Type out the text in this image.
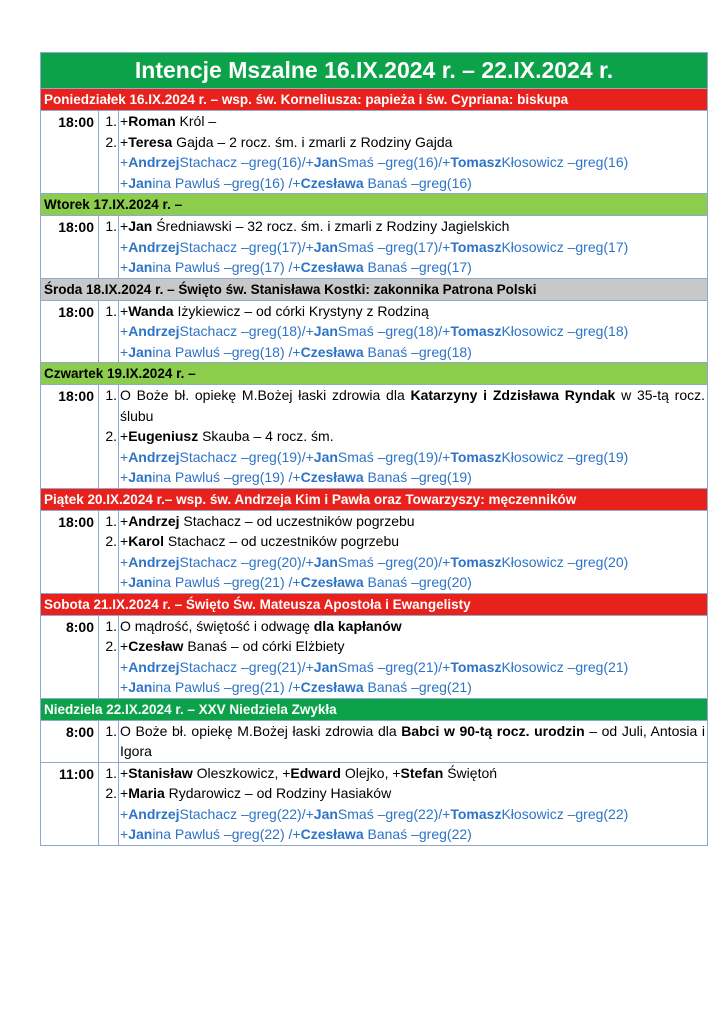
Intencje Mszalne 16.IX.2024 r. – 22.IX.2024 r.
Poniedziałek 16.IX.2024 r. – wsp. św. Korneliusza: papieża i św. Cypriana: biskupa
18:00 1. +Roman Król –
2. +Teresa Gajda – 2 rocz. śm. i zmarli z Rodziny Gajda
+AndrzejStachacz –greg(16)/+JanSmaś –greg(16)/+TomaszKłosowicz –greg(16)
+Janina Pawluś –greg(16) /+Czesława Banaś –greg(16)
Wtorek 17.IX.2024 r. –
18:00 1. +Jan Średniawski – 32 rocz. śm. i zmarli z Rodziny Jagielskich
+AndrzejStachacz –greg(17)/+JanSmaś –greg(17)/+TomaszKłosowicz –greg(17)
+Janina Pawluś –greg(17) /+Czesława Banaś –greg(17)
Środa 18.IX.2024 r. – Święto św. Stanisława Kostki: zakonnika Patrona Polski
18:00 1. +Wanda Iżykiewicz – od córki Krystyny z Rodziną
+AndrzejStachacz –greg(18)/+JanSmaś –greg(18)/+TomaszKłosowicz –greg(18)
+Janina Pawluś –greg(18) /+Czesława Banaś –greg(18)
Czwartek 19.IX.2024 r. –
18:00 1. O Boże bł. opiekę M.Bożej łaski zdrowia dla Katarzyny i Zdzisława Ryndak w 35-tą rocz. ślubu
2. +Eugeniusz Skauba – 4 rocz. śm.
+AndrzejStachacz –greg(19)/+JanSmaś –greg(19)/+TomaszKłosowicz –greg(19)
+Janina Pawluś –greg(19) /+Czesława Banaś –greg(19)
Piątek 20.IX.2024 r.– wsp. św. Andrzeja Kim i Pawła oraz Towarzyszy: męczenników
18:00 1. +Andrzej Stachacz – od uczestników pogrzebu
2. +Karol Stachacz – od uczestników pogrzebu
+AndrzejStachacz –greg(20)/+JanSmaś –greg(20)/+TomaszKłosowicz –greg(20)
+Janina Pawluś –greg(21) /+Czesława Banaś –greg(20)
Sobota 21.IX.2024 r. – Święto Św. Mateusza Apostoła i Ewangelisty
8:00 1. O mądrość, świętość i odwagę dla kapłanów
2. +Czesław Banaś – od córki Elżbiety
+AndrzejStachacz –greg(21)/+JanSmaś –greg(21)/+TomaszKłosowicz –greg(21)
+Janina Pawluś –greg(21) /+Czesława Banaś –greg(21)
Niedziela 22.IX.2024 r. – XXV Niedziela Zwykła
8:00 1. O Boże bł. opiekę M.Bożej łaski zdrowia dla Babci w 90-tą rocz. urodzin – od Juli, Antosia i Igora
11:00 1. +Stanisław Oleszkowicz, +Edward Olejko, +Stefan Świętoń
2. +Maria Rydarowicz – od Rodziny Hasiaków
+AndrzejStachacz –greg(22)/+JanSmaś –greg(22)/+TomaszKłosowicz –greg(22)
+Janina Pawluś –greg(22) /+Czesława Banaś –greg(22)
